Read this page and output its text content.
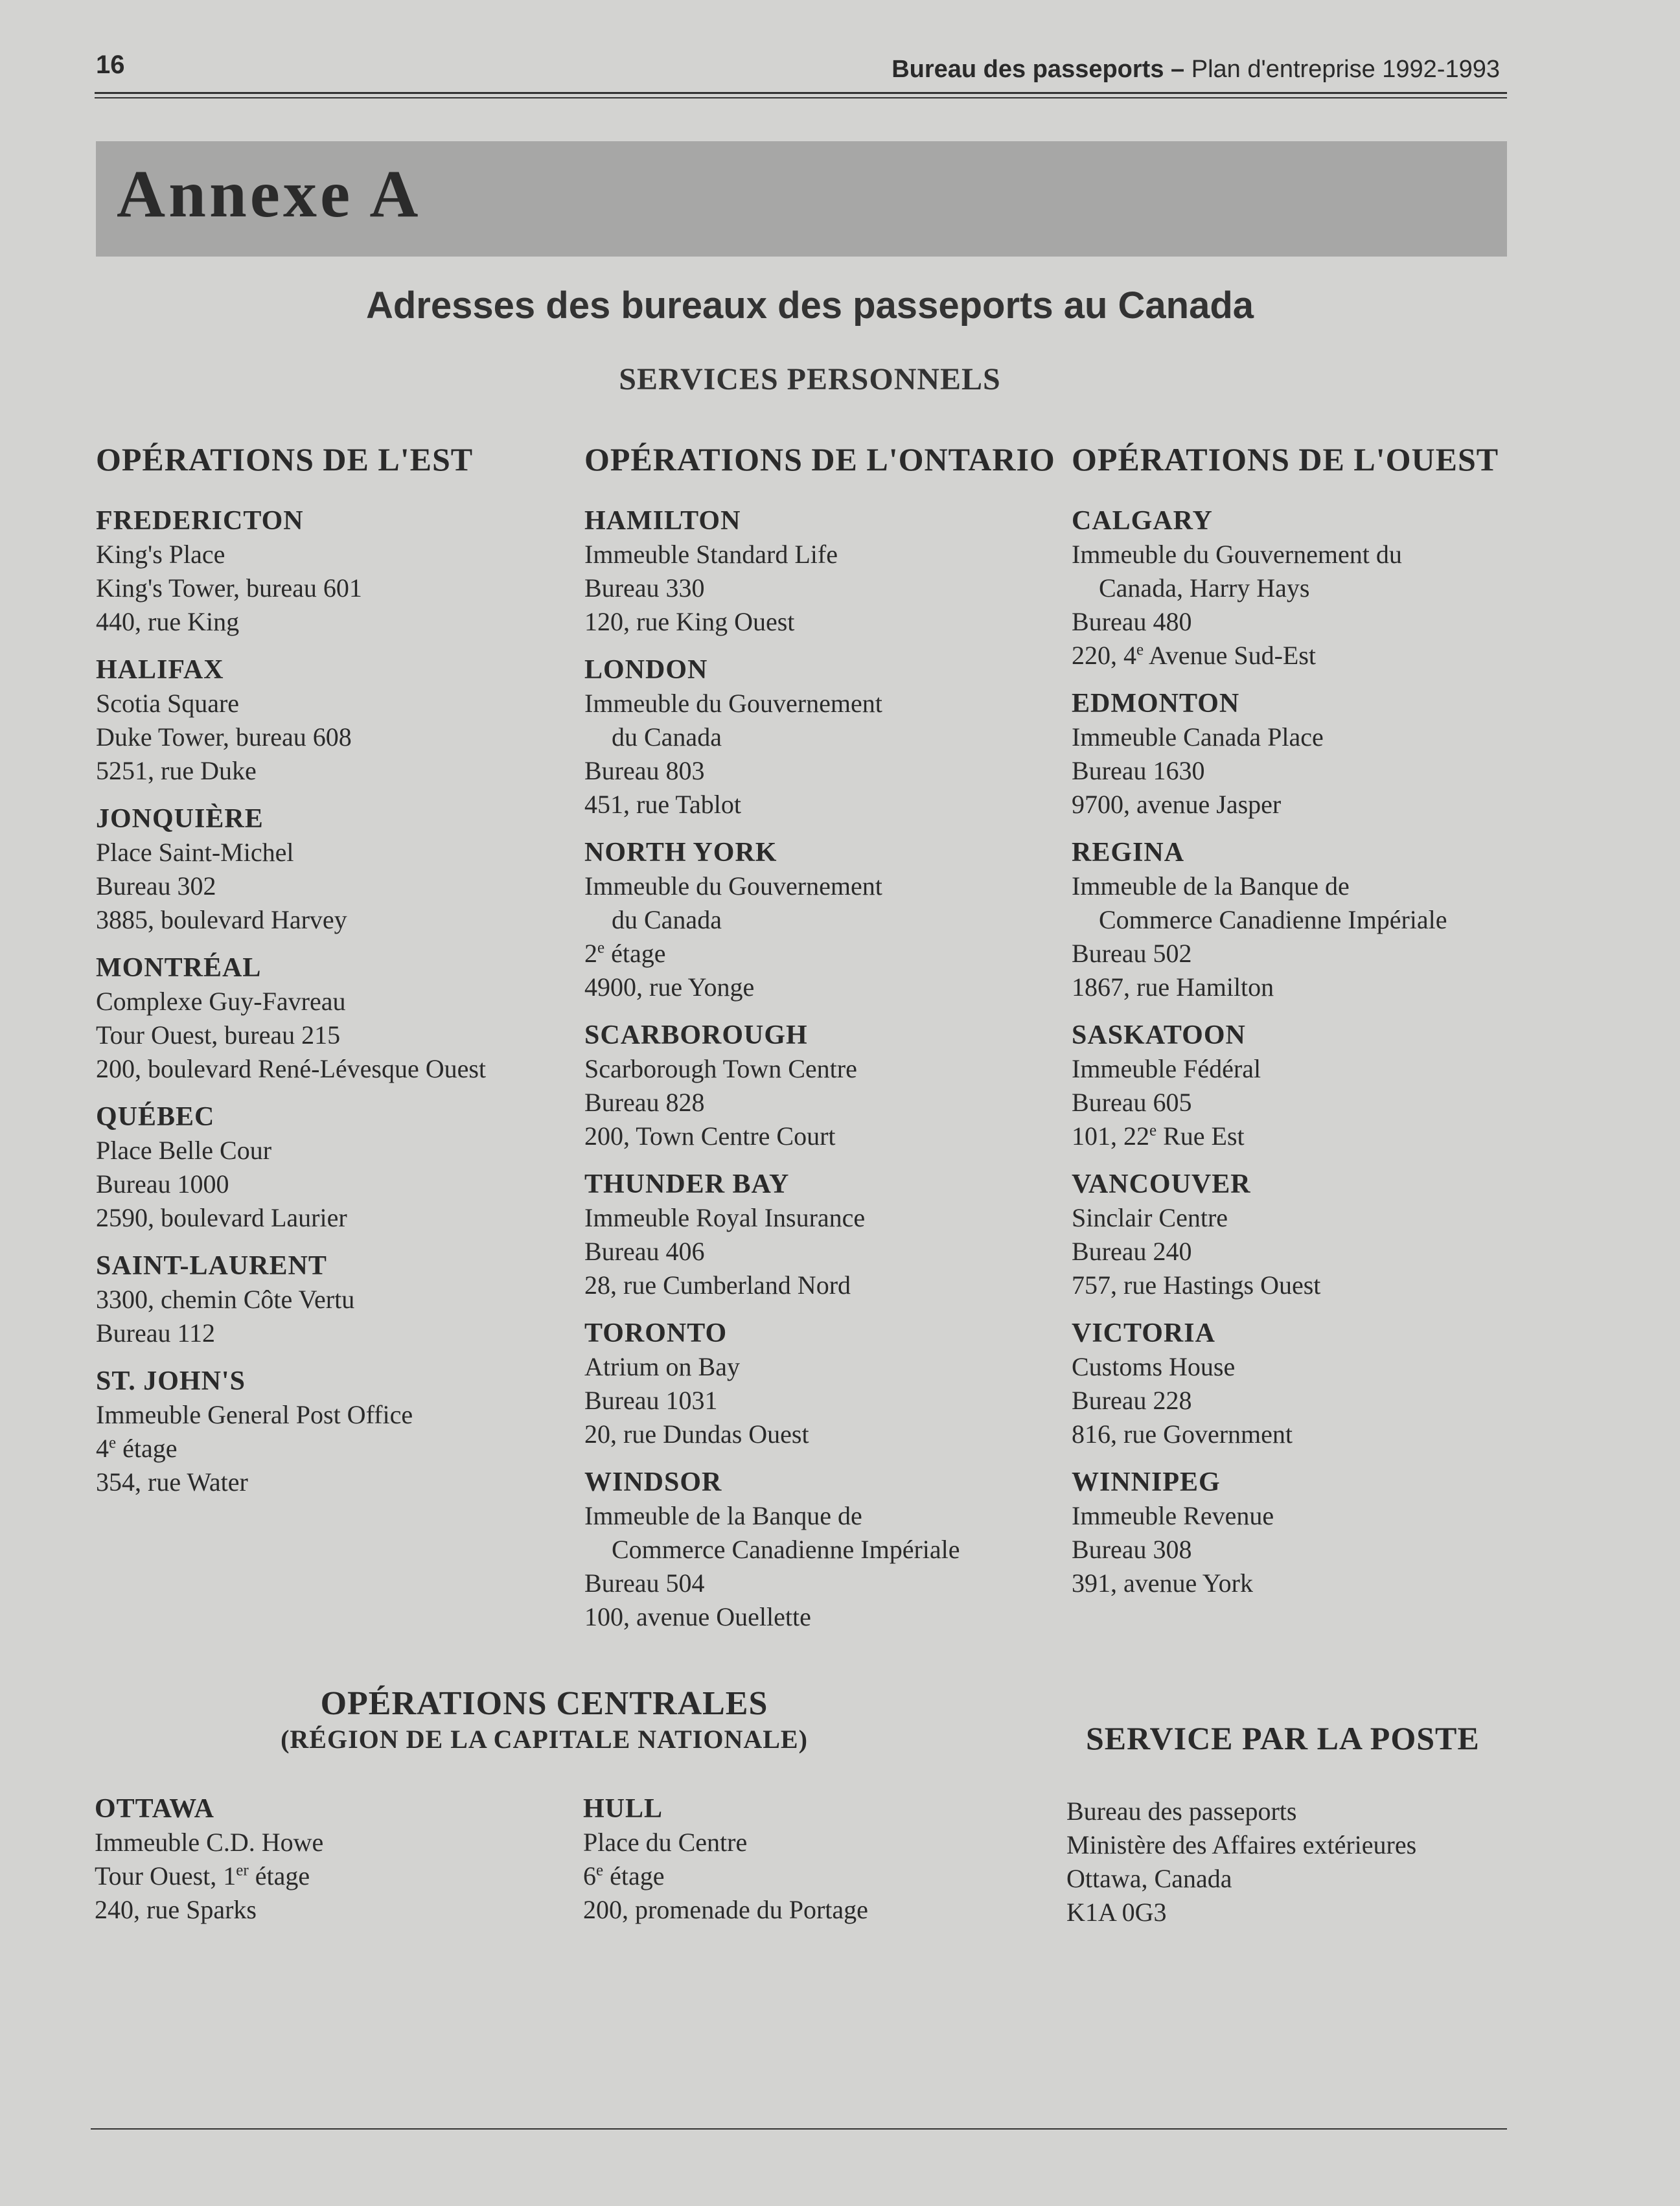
16	Bureau des passeports – Plan d'entreprise 1992-1993
Annexe A
Adresses des bureaux des passeports au Canada
SERVICES PERSONNELS
OPÉRATIONS DE L'EST
FREDERICTON
King's Place
King's Tower, bureau 601
440, rue King
HALIFAX
Scotia Square
Duke Tower, bureau 608
5251, rue Duke
JONQUIÈRE
Place Saint-Michel
Bureau 302
3885, boulevard Harvey
MONTRÉAL
Complexe Guy-Favreau
Tour Ouest, bureau 215
200, boulevard René-Lévesque Ouest
QUÉBEC
Place Belle Cour
Bureau 1000
2590, boulevard Laurier
SAINT-LAURENT
3300, chemin Côte Vertu
Bureau 112
ST. JOHN'S
Immeuble General Post Office
4e étage
354, rue Water
OPÉRATIONS DE L'ONTARIO
HAMILTON
Immeuble Standard Life
Bureau 330
120, rue King Ouest
LONDON
Immeuble du Gouvernement
du Canada
Bureau 803
451, rue Tablot
NORTH YORK
Immeuble du Gouvernement
du Canada
2e étage
4900, rue Yonge
SCARBOROUGH
Scarborough Town Centre
Bureau 828
200, Town Centre Court
THUNDER BAY
Immeuble Royal Insurance
Bureau 406
28, rue Cumberland Nord
TORONTO
Atrium on Bay
Bureau 1031
20, rue Dundas Ouest
WINDSOR
Immeuble de la Banque de
Commerce Canadienne Impériale
Bureau 504
100, avenue Ouellette
OPÉRATIONS DE L'OUEST
CALGARY
Immeuble du Gouvernement du
Canada, Harry Hays
Bureau 480
220, 4e Avenue Sud-Est
EDMONTON
Immeuble Canada Place
Bureau 1630
9700, avenue Jasper
REGINA
Immeuble de la Banque de
Commerce Canadienne Impériale
Bureau 502
1867, rue Hamilton
SASKATOON
Immeuble Fédéral
Bureau 605
101, 22e Rue Est
VANCOUVER
Sinclair Centre
Bureau 240
757, rue Hastings Ouest
VICTORIA
Customs House
Bureau 228
816, rue Government
WINNIPEG
Immeuble Revenue
Bureau 308
391, avenue York
OPÉRATIONS CENTRALES
(RÉGION DE LA CAPITALE NATIONALE)
OTTAWA
Immeuble C.D. Howe
Tour Ouest, 1er étage
240, rue Sparks
HULL
Place du Centre
6e étage
200, promenade du Portage
SERVICE PAR LA POSTE
Bureau des passeports
Ministère des Affaires extérieures
Ottawa, Canada
K1A 0G3
